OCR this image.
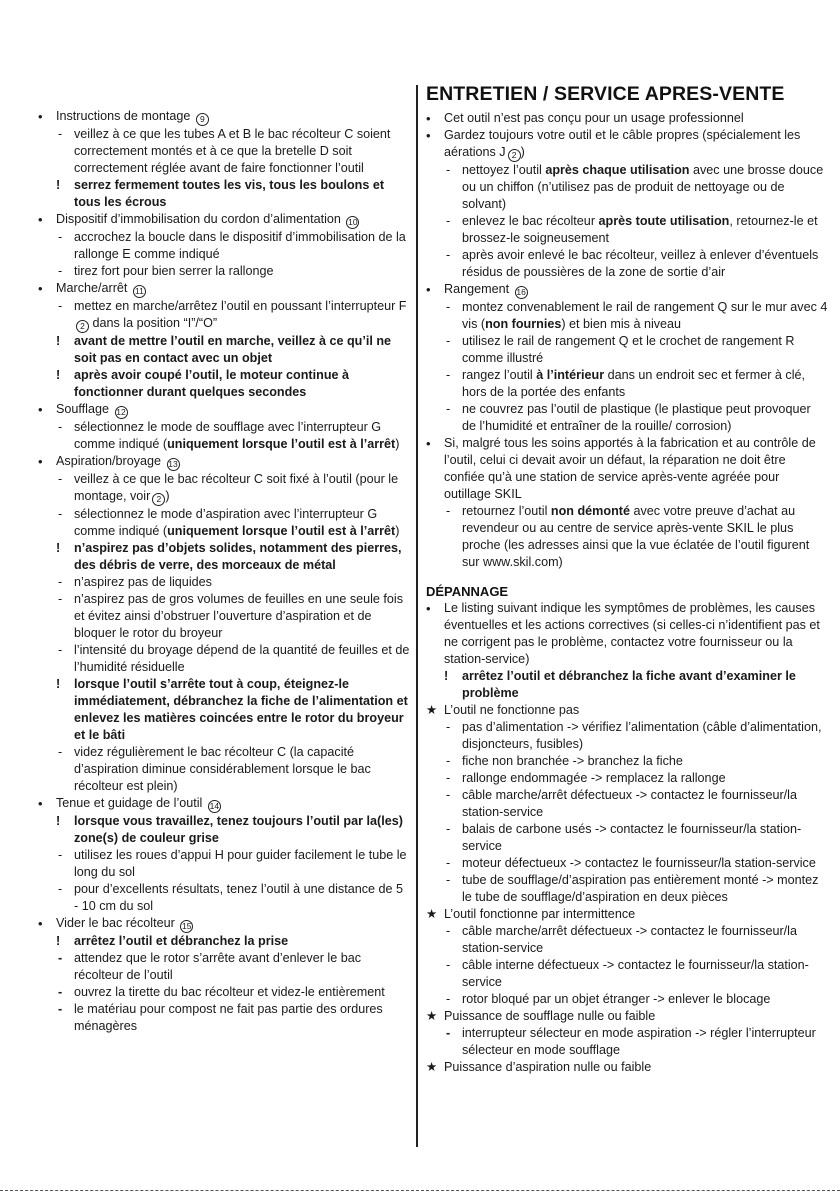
• Instructions de montage 9
- veillez à ce que les tubes A et B le bac récolteur C soient correctement montés et à ce que la bretelle D soit correctement réglée avant de faire fonctionner l’outil
! serrez fermement toutes les vis, tous les boulons et tous les écrous
• Dispositif d’immobilisation du cordon d’alimentation 10
- accrochez la boucle dans le dispositif d’immobilisation de la rallonge E comme indiqué
- tirez fort pour bien serrer la rallonge
• Marche/arrêt 11
- mettez en marche/arrêtez l’outil en poussant l’interrupteur F2 dans la position “I”/“O”
! avant de mettre l’outil en marche, veillez à ce qu’il ne soit pas en contact avec un objet
! après avoir coupé l’outil, le moteur continue à fonctionner durant quelques secondes
• Soufflage 12
- sélectionnez le mode de soufflage avec l’interrupteur G comme indiqué (uniquement lorsque l’outil est à l’arrêt)
• Aspiration/broyage 13
- veillez à ce que le bac récolteur C soit fixé à l’outil (pour le montage, voir 2 )
- sélectionnez le mode d’aspiration avec l’interrupteur G comme indiqué (uniquement lorsque l’outil est à l’arrêt)
! n’aspirez pas d’objets solides, notamment des pierres, des débris de verre, des morceaux de métal
- n’aspirez pas de liquides
- n’aspirez pas de gros volumes de feuilles en une seule fois et évitez ainsi d’obstruer l’ouverture d’aspiration et de bloquer le rotor du broyeur
- l’intensité du broyage dépend de la quantité de feuilles et de l’humidité résiduelle
! lorsque l’outil s’arrête tout à coup, éteignez-le immédiatement, débranchez la fiche de l’alimentation et enlevez les matières coincées entre le rotor du broyeur et le bâti
- videz régulièrement le bac récolteur C (la capacité d’aspiration diminue considérablement lorsque le bac récolteur est plein)
• Tenue et guidage de l’outil 14
! lorsque vous travaillez, tenez toujours l’outil par la(les) zone(s) de couleur grise
- utilisez les roues d’appui H pour guider facilement le tube le long du sol
- pour d’excellents résultats, tenez l’outil à une distance de 5 - 10 cm du sol
• Vider le bac récolteur 15
! arrêtez l’outil et débranchez la prise
- attendez que le rotor s’arrête avant d’enlever le bac récolteur de l’outil
- ouvrez la tirette du bac récolteur et videz-le entièrement
- le matériau pour compost ne fait pas partie des ordures ménagères
ENTRETIEN / SERVICE APRES-VENTE
• Cet outil n’est pas conçu pour un usage professionnel
• Gardez toujours votre outil et le câble propres (spécialement les aérations J 2 )
- nettoyez l’outil après chaque utilisation avec une brosse douce ou un chiffon (n’utilisez pas de produit de nettoyage ou de solvant)
- enlevez le bac récolteur après toute utilisation, retournez-le et brossez-le soigneusement
- après avoir enlevé le bac récolteur, veillez à enlever d’éventuels résidus de poussières de la zone de sortie d’air
• Rangement 16
- montez convenablement le rail de rangement Q sur le mur avec 4 vis (non fournies) et bien mis à niveau
- utilisez le rail de rangement Q et le crochet de rangement R comme illustré
- rangez l’outil à l’intérieur dans un endroit sec et fermer à clé, hors de la portée des enfants
- ne couvrez pas l’outil de plastique (le plastique peut provoquer de l’humidité et entraîner de la rouille/ corrosion)
• Si, malgré tous les soins apportés à la fabrication et au contrôle de l’outil, celui ci devait avoir un défaut, la réparation ne doit être confiée qu’à une station de service après-vente agréée pour outillage SKIL
- retournez l’outil non démonté avec votre preuve d’achat au revendeur ou au centre de service après-vente SKIL le plus proche (les adresses ainsi que la vue éclatée de l’outil figurent sur www.skil.com)
DÉPANNAGE
• Le listing suivant indique les symptômes de problèmes, les causes éventuelles et les actions correctives (si celles-ci n’identifient pas et ne corrigent pas le problème, contactez votre fournisseur ou la station-service)
! arrêtez l’outil et débranchez la fiche avant d’examiner le problème
★ L’outil ne fonctionne pas
- pas d’alimentation -> vérifiez l’alimentation (câble d’alimentation, disjoncteurs, fusibles)
- fiche non branchée -> branchez la fiche
- rallonge endommagée -> remplacez la rallonge
- câble marche/arrêt défectueux -> contactez le fournisseur/la station-service
- balais de carbone usés -> contactez le fournisseur/la station-service
- moteur défectueux -> contactez le fournisseur/la station-service
- tube de soufflage/d’aspiration pas entièrement monté -> montez le tube de soufflage/d’aspiration en deux pièces
★ L’outil fonctionne par intermittence
- câble marche/arrêt défectueux -> contactez le fournisseur/la station-service
- câble interne défectueux -> contactez le fournisseur/la station-service
- rotor bloqué par un objet étranger -> enlever le blocage
★ Puissance de soufflage nulle ou faible
- interrupteur sélecteur en mode aspiration -> régler l’interrupteur sélecteur en mode soufflage
★ Puissance d’aspiration nulle ou faible
